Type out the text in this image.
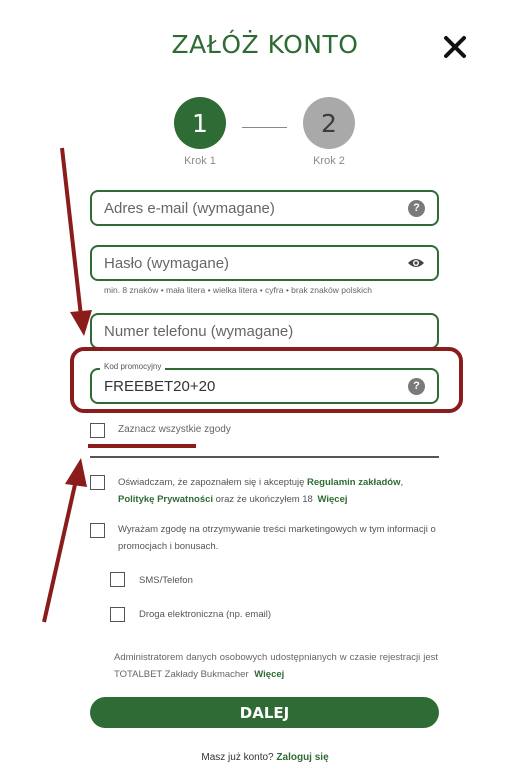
ZAŁÓŻ KONTO
1	2
Krok 1	Krok 2
Adres e-mail (wymagane)
?
min. 8 znaków • mała litera • wielka litera • cyfra • brak znaków polskich
Numer telefonu (wymagane)
FREEBET20+20
?
Kod promocyjny
Zaznacz wszystkie zgody
Oświadczam, że zapoznałem się i akceptuję Regulamin zakładów, Politykę Prywatności oraz że ukończyłem 18 Więcej
Wyrażam zgodę na otrzymywanie treści marketingowych w tym informacji o promocjach i bonusach.
SMS/Telefon
Droga elektroniczna (np. email)
Administratorem danych osobowych udostępnianych w czasie rejestracji jest TOTALBET Zakłady Bukmacher Więcej
DALEJ
Masz już konto? Zaloguj się
